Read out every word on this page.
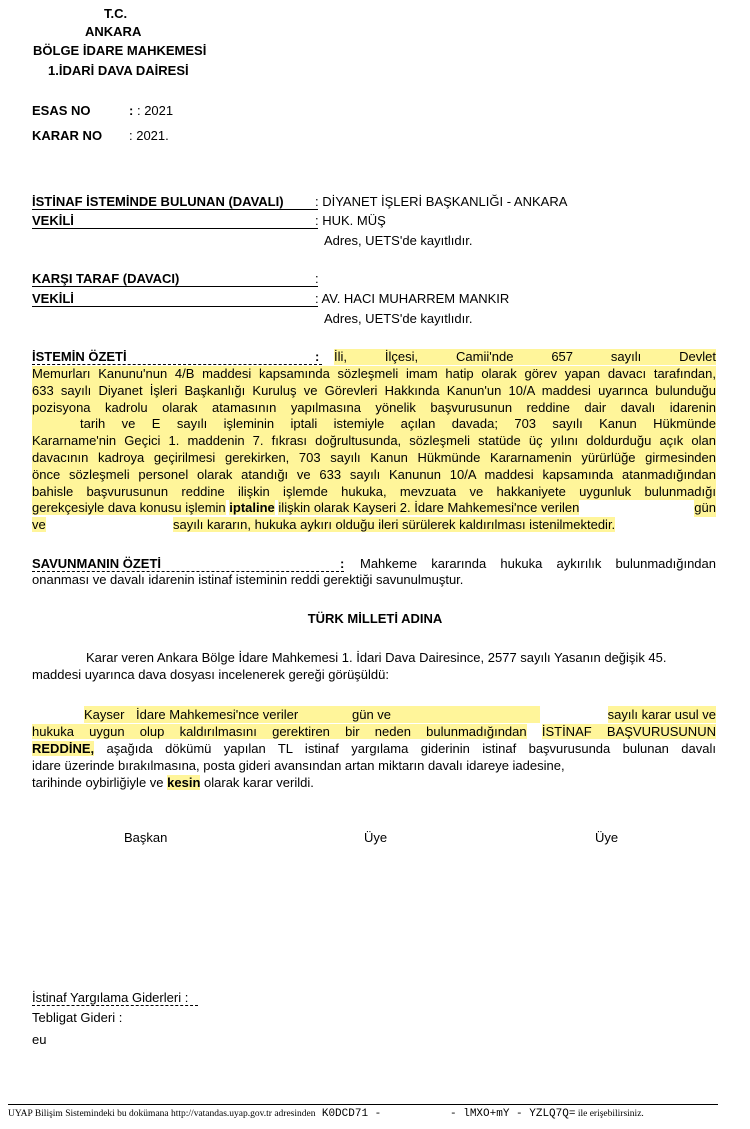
T.C.
ANKARA
BÖLGE İDARE MAHKEMESİ
1.İDARİ DAVA DAİRESİ
ESAS NO	: : 2021
KARAR NO : 2021.
İSTİNAF İSTEMİNDE BULUNAN (DAVALI)	: DİYANET İŞLERİ BAŞKANLIĞI - ANKARA
VEKİLİ	: HUK. MÜŞ
Adres, UETS'de kayıtlıdır.
KARŞI TARAF (DAVACI)	:
VEKİLİ	: AV. HACI MUHARREM MANKIR
Adres, UETS'de kayıtlıdır.
İSTEMİN ÖZETİ	: İli, İlçesi, Camii'nde 657 sayılı Devlet
Memurları Kanunu'nun 4/B maddesi kapsamında sözleşmeli imam hatip olarak görev yapan davacı tarafından,
633 sayılı Diyanet İşleri Başkanlığı Kuruluş ve Görevleri Hakkında Kanun'un 10/A maddesi uyarınca bulunduğu
pozisyona kadrolu olarak atamasının yapılmasına yönelik başvurusunun reddine dair davalı idarenin
tarih ve E sayılı işleminin iptali istemiyle açılan davada; 703 sayılı Kanun Hükmünde
Kararname'nin Geçici 1. maddenin 7. fıkrası doğrultusunda, sözleşmeli statüde üç yılını doldurduğu açık olan
davacının kadroya geçirilmesi gerekirken, 703 sayılı Kanun Hükmünde Kararnamenin yürürlüğe girmesinden
önce sözleşmeli personel olarak atandığı ve 633 sayılı Kanunun 10/A maddesi kapsamında atanmadığından
bahisle başvurusunun reddine ilişkin işlemde hukuka, mevzuata ve hakkaniyete uygunluk bulunmadığı
gerekçesiyle dava konusu işlemin iptaline ilişkin olarak Kayseri 2. İdare Mahkemesi'nce verilen	gün
ve	sayılı kararın, hukuka aykırı olduğu ileri sürülerek kaldırılması istenilmektedir.
SAVUNMANIN ÖZETİ	: Mahkeme kararında hukuka aykırılık bulunmadığından
onanması ve davalı idarenin istinaf isteminin reddi gerektiği savunulmuştur.
TÜRK MİLLETİ ADINA
Karar veren Ankara Bölge İdare Mahkemesi 1. İdari Dava Dairesince, 2577 sayılı Yasanın değişik 45.
maddesi uyarınca dava dosyası incelenerek gereği görüşüldü:
Kayser İdare Mahkemesi'nce veriler	gün ve	sayılı karar usul ve
hukuka uygun olup kaldırılmasını gerektiren bir neden bulunmadığından İSTİNAF BAŞVURUSUNUN
REDDİNE, aşağıda dökümü yapılan TL istinaf yargılama giderinin istinaf başvurusunda bulunan davalı
idare üzerinde bırakılmasına, posta gideri avansından artan miktarın davalı idareye iadesine,
tarihinde oybirliğiyle ve kesin olarak karar verildi.
Başkan	Üye	Üye
İstinaf Yargılama Giderleri :
Tebligat Gideri :
eu
UYAP Bilişim Sistemindeki bu dokümana http://vatandas.uyap.gov.tr adresinden K0DCD71 -	- lMXO+mY - YZLQ7Q= ile erişebilirsiniz.
